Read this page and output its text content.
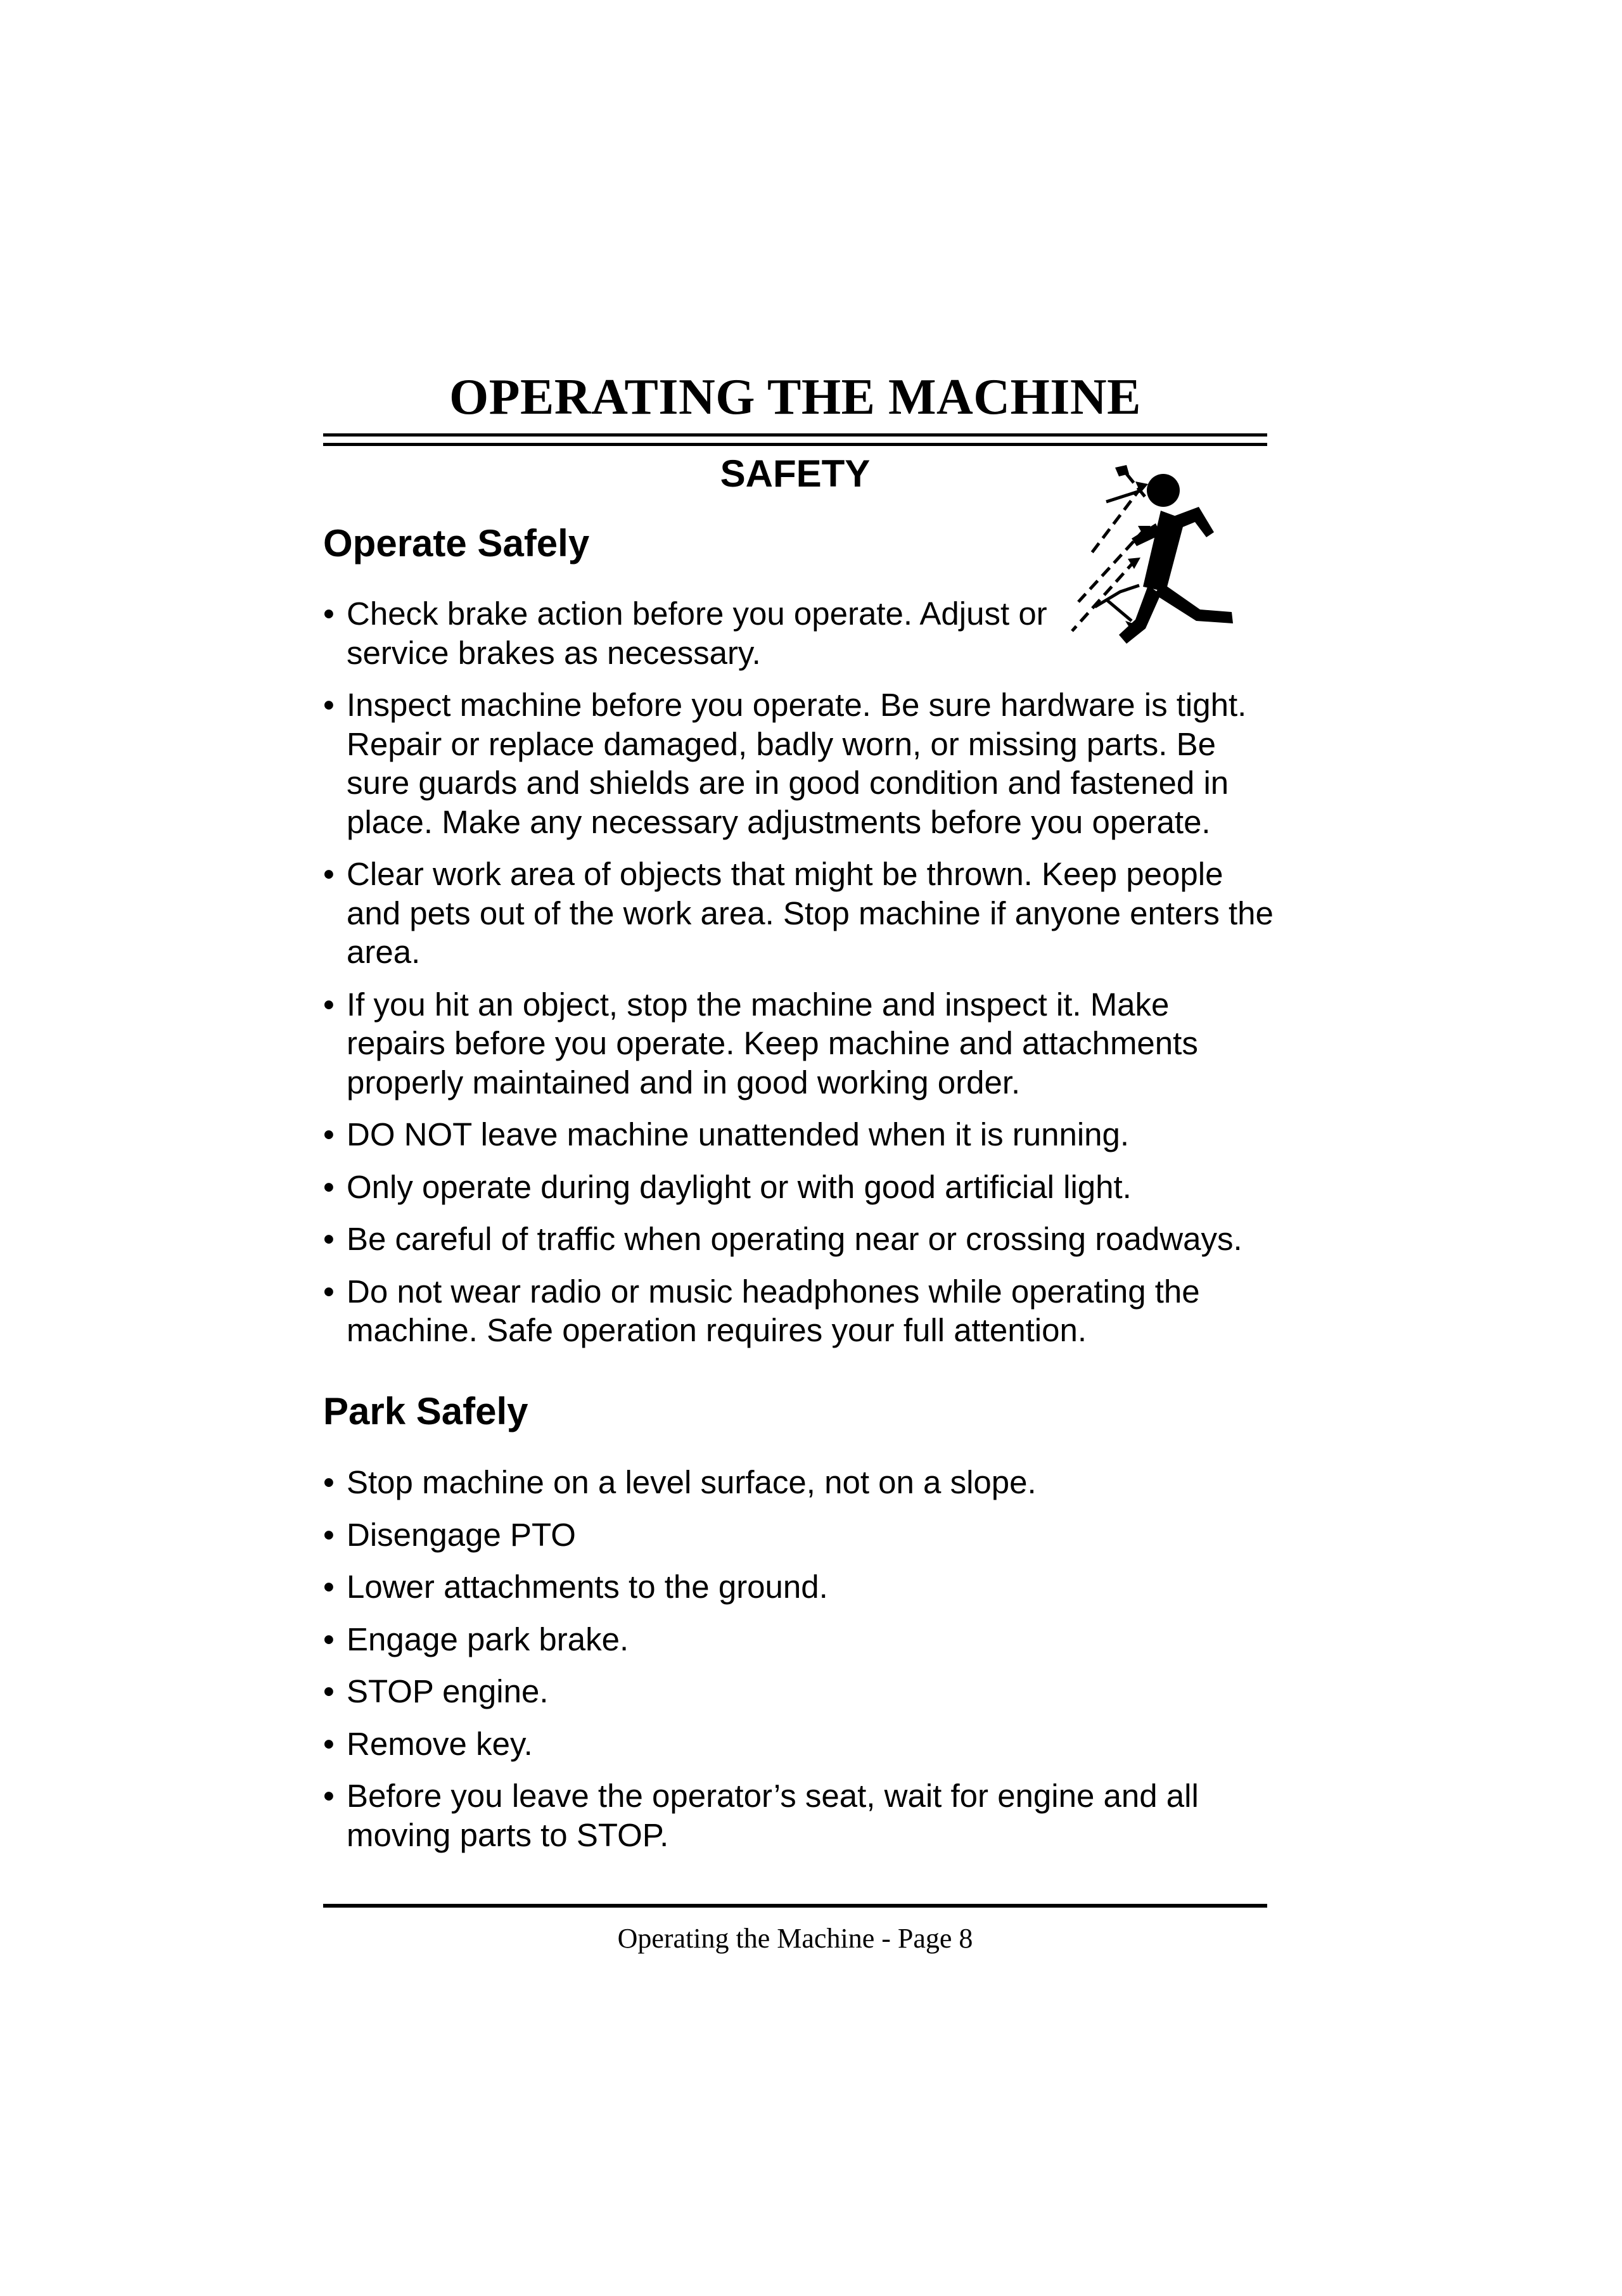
OPERATING THE MACHINE
SAFETY
Operate Safely
• Check brake action before you operate. Adjust or service brakes as necessary.
• Inspect machine before you operate. Be sure hardware is tight. Repair or replace damaged, badly worn, or missing parts. Be sure guards and shields are in good condition and fastened in place. Make any necessary adjustments before you operate.
• Clear work area of objects that might be thrown. Keep people and pets out of the work area. Stop machine if anyone enters the area.
• If you hit an object, stop the machine and inspect it. Make repairs before you operate. Keep machine and attachments properly maintained and in good working order.
• DO NOT leave machine unattended when it is running.
• Only operate during daylight or with good artificial light.
• Be careful of traffic when operating near or crossing roadways.
• Do not wear radio or music headphones while operating the machine. Safe operation requires your full attention.
Park Safely
• Stop machine on a level surface, not on a slope.
• Disengage PTO
• Lower attachments to the ground.
• Engage park brake.
• STOP engine.
• Remove key.
• Before you leave the operator’s seat, wait for engine and all moving parts to STOP.

Operating the Machine - Page 8
